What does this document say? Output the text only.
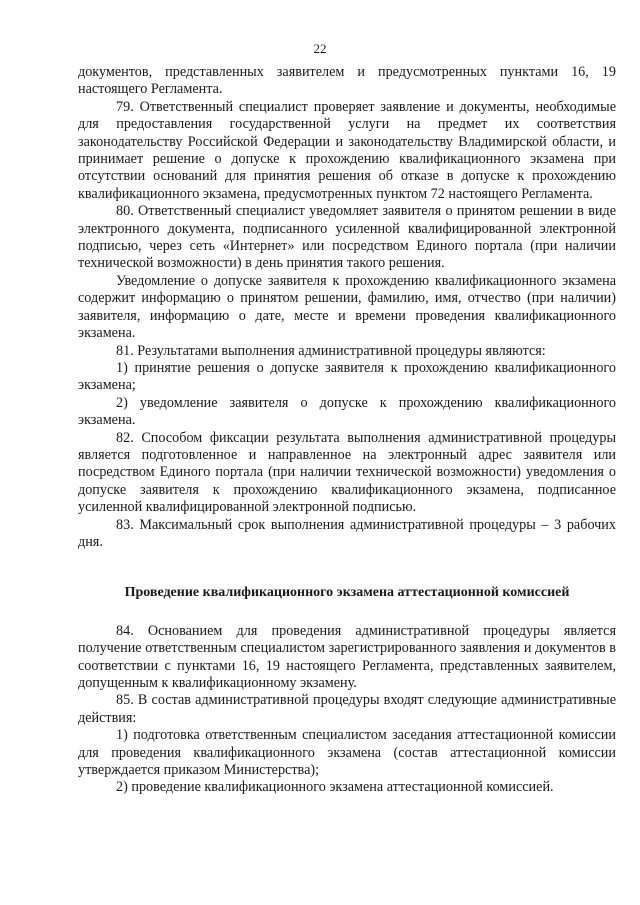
22

документов, представленных заявителем и предусмотренных пунктами 16, 19 настоящего Регламента.

79. Ответственный специалист проверяет заявление и документы, необходимые для предоставления государственной услуги на предмет их соответствия законодательству Российской Федерации и законодательству Владимирской области, и принимает решение о допуске к прохождению квалификационного экзамена при отсутствии оснований для принятия решения об отказе в допуске к прохождению квалификационного экзамена, предусмотренных пунктом 72 настоящего Регламента.

80. Ответственный специалист уведомляет заявителя о принятом решении в виде электронного документа, подписанного усиленной квалифицированной электронной подписью, через сеть «Интернет» или посредством Единого портала (при наличии технической возможности) в день принятия такого решения.

Уведомление о допуске заявителя к прохождению квалификационного экзамена содержит информацию о принятом решении, фамилию, имя, отчество (при наличии) заявителя, информацию о дате, месте и времени проведения квалификационного экзамена.

81. Результатами выполнения административной процедуры являются:

1) принятие решения о допуске заявителя к прохождению квалификационного экзамена;

2) уведомление заявителя о допуске к прохождению квалификационного экзамена.

82. Способом фиксации результата выполнения административной процедуры является подготовленное и направленное на электронный адрес заявителя или посредством Единого портала (при наличии технической возможности) уведомления о допуске заявителя к прохождению квалификационного экзамена, подписанное усиленной квалифицированной электронной подписью.

83. Максимальный срок выполнения административной процедуры – 3 рабочих дня.

Проведение квалификационного экзамена аттестационной комиссией

84. Основанием для проведения административной процедуры является получение ответственным специалистом зарегистрированного заявления и документов в соответствии с пунктами 16, 19 настоящего Регламента, представленных заявителем, допущенным к квалификационному экзамену.

85. В состав административной процедуры входят следующие административные действия:

1) подготовка ответственным специалистом заседания аттестационной комиссии для проведения квалификационного экзамена (состав аттестационной комиссии утверждается приказом Министерства);

2) проведение квалификационного экзамена аттестационной комиссией.
